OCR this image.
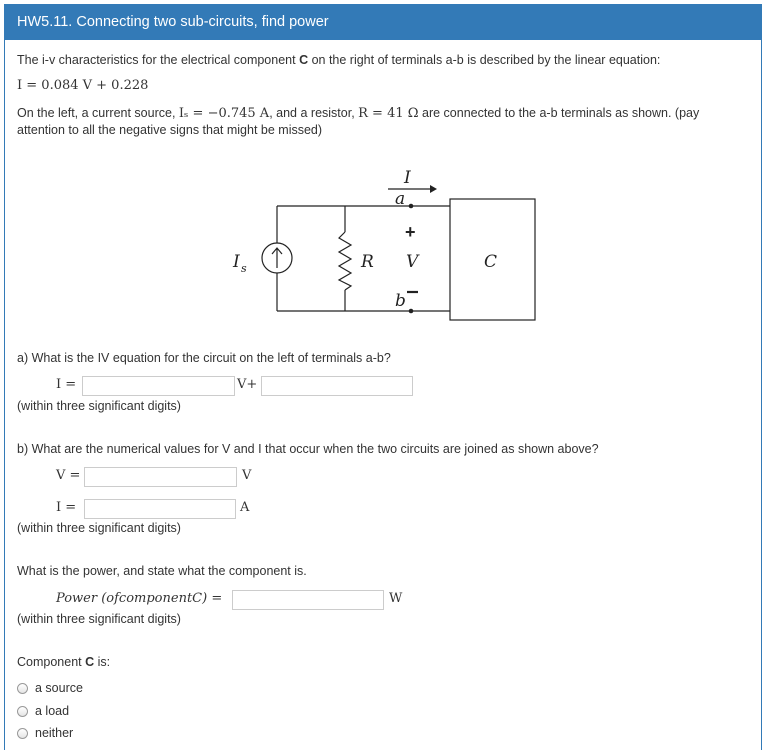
HW5.11. Connecting two sub-circuits, find power
The i-v characteristics for the electrical component C on the right of terminals a-b is described by the linear equation:
I = 0.084 V + 0.228
On the left, a current source, Iₛ = −0.745 A, and a resistor, R = 41 Ω are connected to the a-b terminals as shown. (pay
attention to all the negative signs that might be missed)
I
a
+
V
b
I s	R	C
a) What is the IV equation for the circuit on the left of terminals a-b?
I =	V+
(within three significant digits)
b) What are the numerical values for V and I that occur when the two circuits are joined as shown above?
V =	V
I =	A
(within three significant digits)
What is the power, and state what the component is.
Power (ofcomponentC) =	W
(within three significant digits)
Component C is:
a source
a load
neither
